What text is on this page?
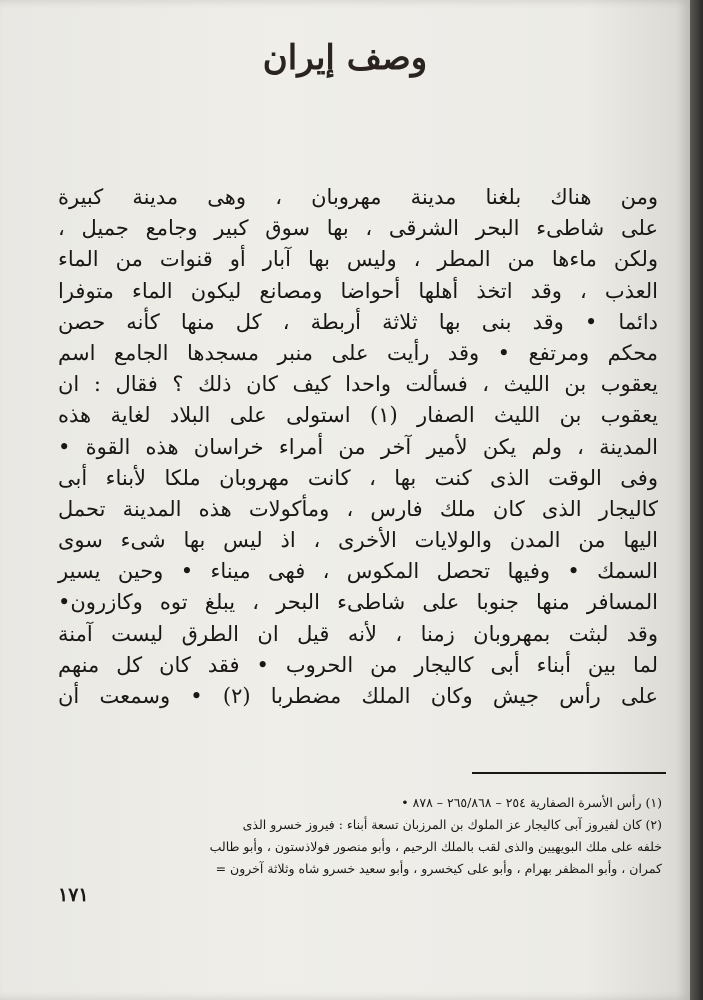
وصف إيران
ومن هناك بلغنا مدينة مهروبان ، وهى مدينة كبيرة
على شاطىء البحر الشرقى ، بها سوق كبير وجامع جميل ،
ولكن ماءها من المطر ، وليس بها آبار أو قنوات من الماء
العذب ، وقد اتخذ أهلها أحواضا ومصانع ليكون الماء متوفرا
دائما • وقد بنى بها ثلاثة أربطة ، كل منها كأنه حصن
محكم ومرتفع • وقد رأيت على منبر مسجدها الجامع اسم
يعقوب بن الليث ، فسألت واحدا كيف كان ذلك ؟ فقال : ان
يعقوب بن الليث الصفار (١) استولى على البلاد لغاية هذه
المدينة ، ولم يكن لأمير آخر من أمراء خراسان هذه القوة •
وفى الوقت الذى كنت بها ، كانت مهروبان ملكا لأبناء أبى
كاليجار الذى كان ملك فارس ، ومأكولات هذه المدينة تحمل
اليها من المدن والولايات الأخرى ، اذ ليس بها شىء سوى
السمك • وفيها تحصل المكوس ، فهى ميناء • وحين يسير
المسافر منها جنوبا على شاطىء البحر ، يبلغ توه وكازرون•
وقد لبثت بمهروبان زمنا ، لأنه قيل ان الطرق ليست آمنة
لما بين أبناء أبى كاليجار من الحروب • فقد كان كل منهم
على رأس جيش وكان الملك مضطربا (٢) • وسمعت أن
(١) رأس الأسرة الصفارية ٢٥٤ – ٢٦٥/٨٦٨ – ٨٧٨ •
(٢) كان لفيروز آبى كاليجار عز الملوك بن المرزبان تسعة أبناء : فيروز خسرو الذى
خلفه على ملك البويهيين والذى لقب بالملك الرحيم ، وأبو منصور فولاذستون ، وأبو طالب
كمران ، وأبو المظفر بهرام ، وأبو على كيخسرو ، وأبو سعيد خسرو شاه وثلاثة آخرون =
١٧١
